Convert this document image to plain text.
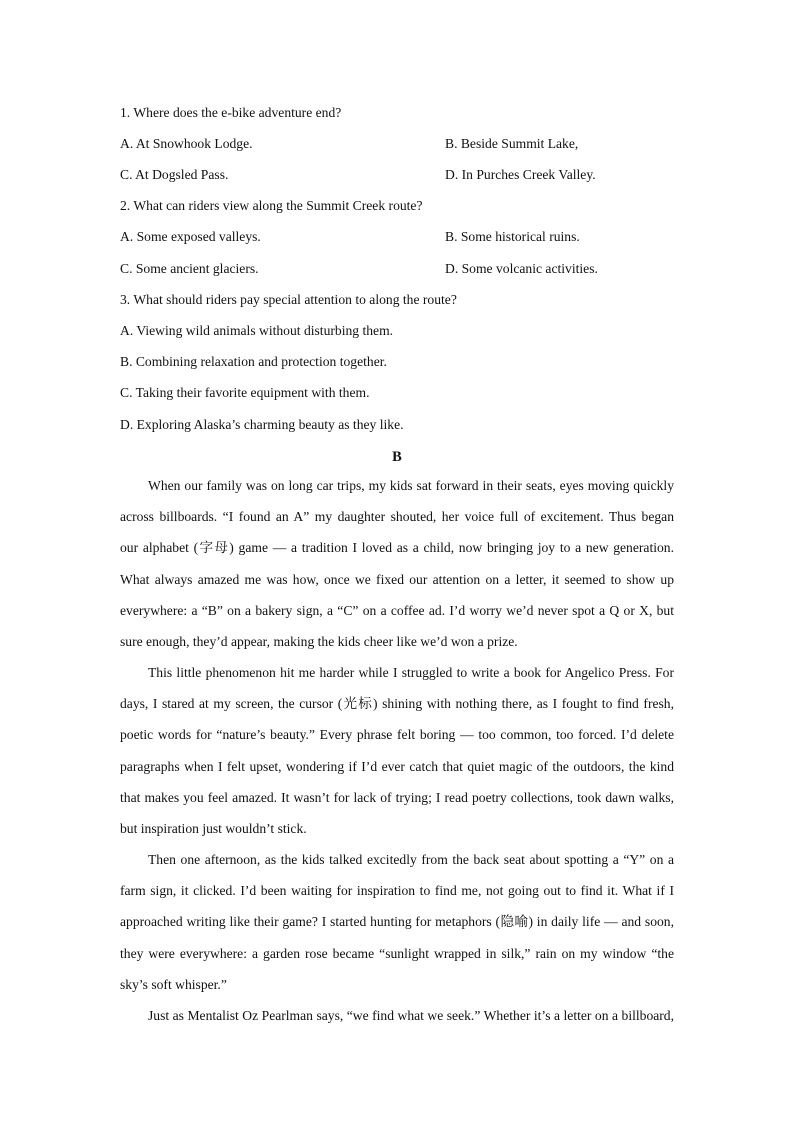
1. Where does the e-bike adventure end?
A. At Snowhook Lodge.	B. Beside Summit Lake,
C. At Dogsled Pass.	D. In Purches Creek Valley.
2. What can riders view along the Summit Creek route?
A. Some exposed valleys.	B. Some historical ruins.
C. Some ancient glaciers.	D. Some volcanic activities.
3. What should riders pay special attention to along the route?
A. Viewing wild animals without disturbing them.
B. Combining relaxation and protection together.
C. Taking their favorite equipment with them.
D. Exploring Alaska’s charming beauty as they like.
B
When our family was on long car trips, my kids sat forward in their seats, eyes moving quickly
across billboards. “I found an A” my daughter shouted, her voice full of excitement. Thus began
our alphabet (字母) game — a tradition I loved as a child, now bringing joy to a new generation.
What always amazed me was how, once we fixed our attention on a letter, it seemed to show up
everywhere: a “B” on a bakery sign, a “C” on a coffee ad. I’d worry we’d never spot a Q or X, but
sure enough, they’d appear, making the kids cheer like we’d won a prize.
This little phenomenon hit me harder while I struggled to write a book for Angelico Press. For
days, I stared at my screen, the cursor (光标) shining with nothing there, as I fought to find fresh,
poetic words for “nature’s beauty.” Every phrase felt boring — too common, too forced. I’d delete
paragraphs when I felt upset, wondering if I’d ever catch that quiet magic of the outdoors, the kind
that makes you feel amazed. It wasn’t for lack of trying; I read poetry collections, took dawn walks,
but inspiration just wouldn’t stick.
Then one afternoon, as the kids talked excitedly from the back seat about spotting a “Y” on a
farm sign, it clicked. I’d been waiting for inspiration to find me, not going out to find it. What if I
approached writing like their game? I started hunting for metaphors (隐喻) in daily life — and soon,
they were everywhere: a garden rose became “sunlight wrapped in silk,” rain on my window “the
sky’s soft whisper.”
Just as Mentalist Oz Pearlman says, “we find what we seek.” Whether it’s a letter on a billboard,
